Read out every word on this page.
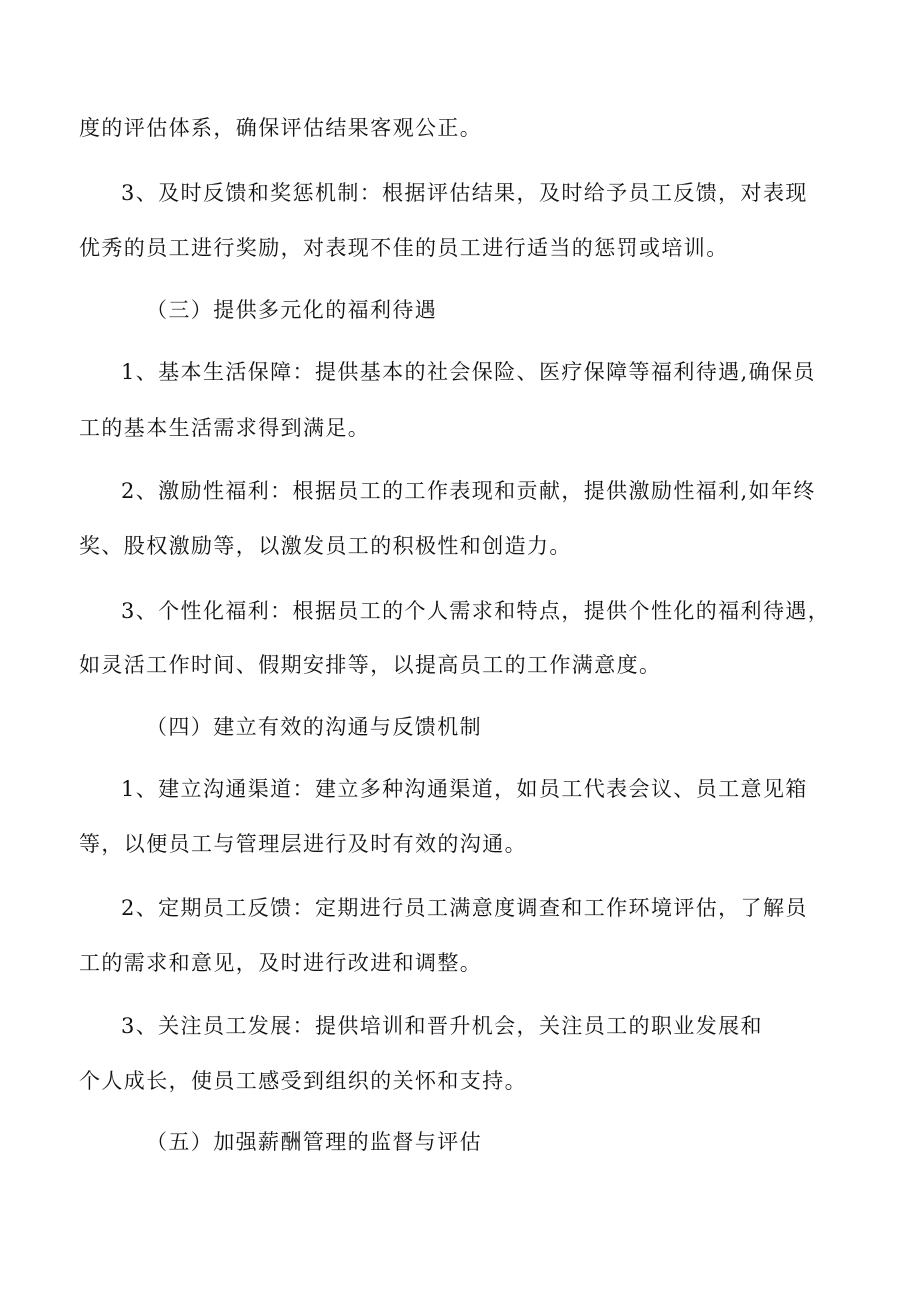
度的评估体系，确保评估结果客观公正。
3、及时反馈和奖惩机制：根据评估结果，及时给予员工反馈，对表现
优秀的员工进行奖励，对表现不佳的员工进行适当的惩罚或培训。
（三）提供多元化的福利待遇
1、基本生活保障：提供基本的社会保险、医疗保障等福利待遇,确保员
工的基本生活需求得到满足。
2、激励性福利：根据员工的工作表现和贡献，提供激励性福利,如年终
奖、股权激励等，以激发员工的积极性和创造力。
3、个性化福利：根据员工的个人需求和特点，提供个性化的福利待遇，
如灵活工作时间、假期安排等，以提高员工的工作满意度。
（四）建立有效的沟通与反馈机制
1、建立沟通渠道：建立多种沟通渠道，如员工代表会议、员工意见箱
等，以便员工与管理层进行及时有效的沟通。
2、定期员工反馈：定期进行员工满意度调查和工作环境评估，了解员
工的需求和意见，及时进行改进和调整。
3、关注员工发展：提供培训和晋升机会，关注员工的职业发展和
个人成长，使员工感受到组织的关怀和支持。
（五）加强薪酬管理的监督与评估
